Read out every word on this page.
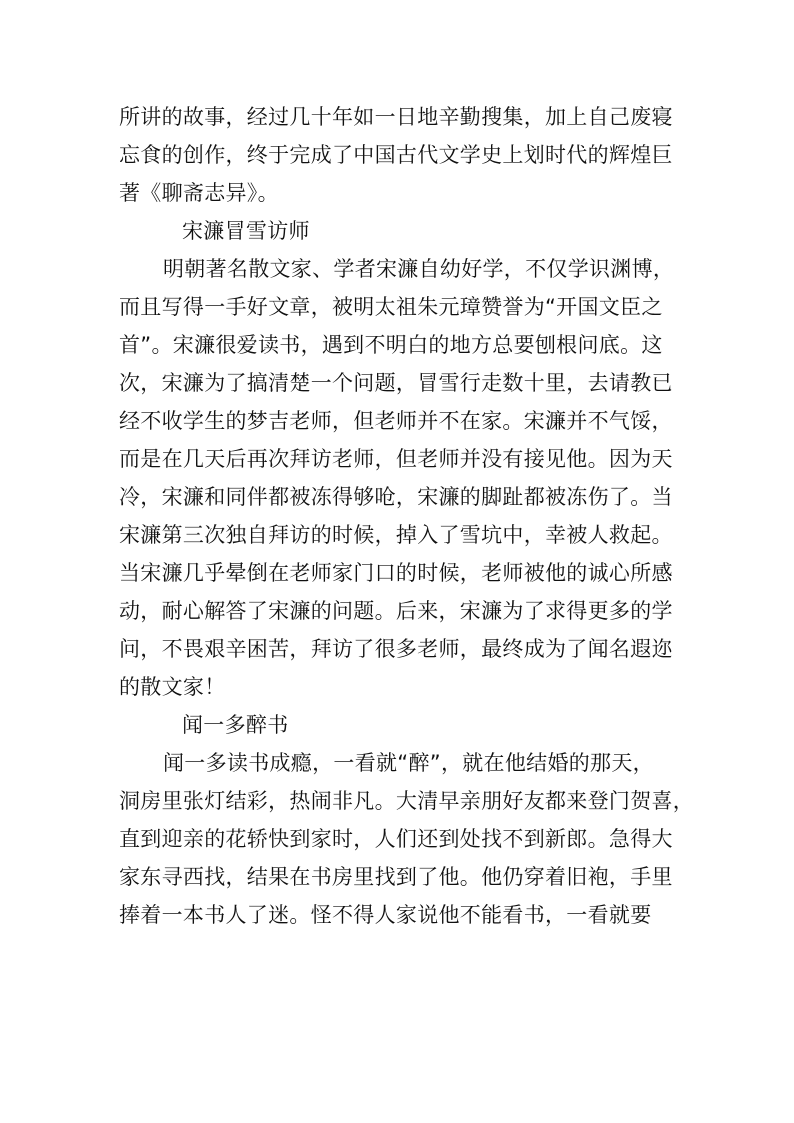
所讲的故事，经过几十年如一日地辛勤搜集，加上自己废寝
忘食的创作，终于完成了中国古代文学史上划时代的辉煌巨
著《聊斋志异》。
宋濂冒雪访师
明朝著名散文家、学者宋濂自幼好学，不仅学识渊博，
而且写得一手好文章，被明太祖朱元璋赞誉为“开国文臣之
首”。宋濂很爱读书，遇到不明白的地方总要刨根问底。这
次，宋濂为了搞清楚一个问题，冒雪行走数十里，去请教已
经不收学生的梦吉老师，但老师并不在家。宋濂并不气馁，
而是在几天后再次拜访老师，但老师并没有接见他。因为天
冷，宋濂和同伴都被冻得够呛，宋濂的脚趾都被冻伤了。当
宋濂第三次独自拜访的时候，掉入了雪坑中，幸被人救起。
当宋濂几乎晕倒在老师家门口的时候，老师被他的诚心所感
动，耐心解答了宋濂的问题。后来，宋濂为了求得更多的学
问，不畏艰辛困苦，拜访了很多老师，最终成为了闻名遐迩
的散文家！
闻一多醉书
闻一多读书成瘾，一看就“醉”，就在他结婚的那天，
洞房里张灯结彩，热闹非凡。大清早亲朋好友都来登门贺喜，
直到迎亲的花轿快到家时，人们还到处找不到新郎。急得大
家东寻西找，结果在书房里找到了他。他仍穿着旧袍，手里
捧着一本书人了迷。怪不得人家说他不能看书，一看就要
